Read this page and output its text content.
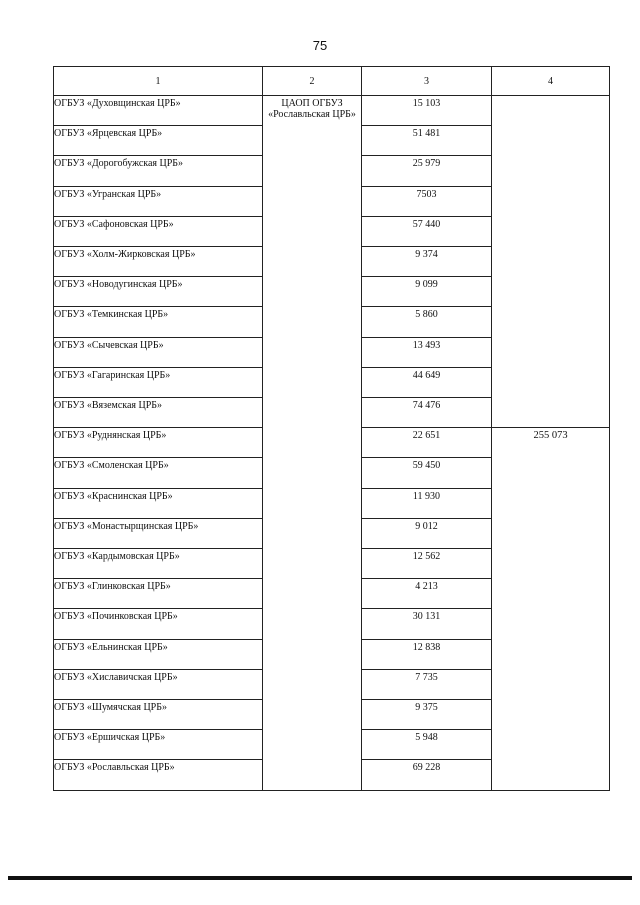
75
1	2	3	4
ОГБУЗ «Духовщинская ЦРБ»	ЦАОП ОГБУЗ «Рославльская ЦРБ»	15 103	
ОГБУЗ «Ярцевская ЦРБ»		51 481	
ОГБУЗ «Дорогобужская ЦРБ»		25 979	
ОГБУЗ «Угранская ЦРБ»		7503	
ОГБУЗ «Сафоновская ЦРБ»		57 440	
ОГБУЗ «Холм-Жирковская ЦРБ»		9 374	
ОГБУЗ «Новодугинская ЦРБ»		9 099	
ОГБУЗ «Темкинская ЦРБ»		5 860	
ОГБУЗ «Сычевская ЦРБ»		13 493	
ОГБУЗ «Гагаринская ЦРБ»		44 649	
ОГБУЗ «Вяземская ЦРБ»		74 476	
ОГБУЗ «Руднянская ЦРБ»		22 651	255 073
ОГБУЗ «Смоленская ЦРБ»		59 450	
ОГБУЗ «Краснинская ЦРБ»		11 930	
ОГБУЗ «Монастырщинская ЦРБ»		9 012	
ОГБУЗ «Кардымовская ЦРБ»		12 562	
ОГБУЗ «Глинковская ЦРБ»		4 213	
ОГБУЗ «Починковская ЦРБ»		30 131	
ОГБУЗ «Ельнинская ЦРБ»		12 838	
ОГБУЗ «Хиславичская ЦРБ»		7 735	
ОГБУЗ «Шумячская ЦРБ»		9 375	
ОГБУЗ «Ершичская ЦРБ»		5 948	
ОГБУЗ «Рославльская ЦРБ»		69 228	
